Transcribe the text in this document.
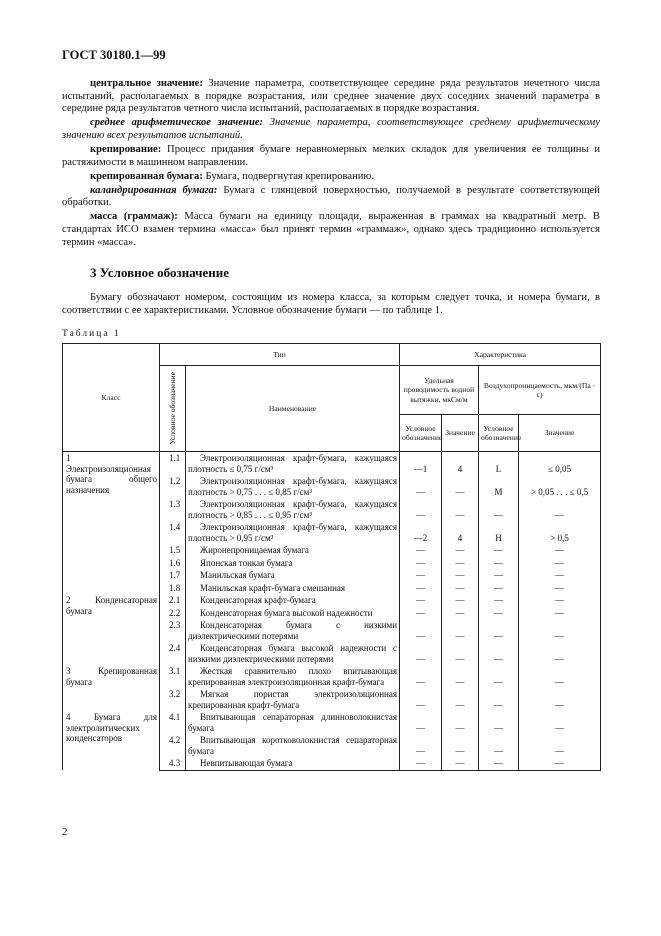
ГОСТ 30180.1—99

центральное значение: Значение параметра, соответствующее середине ряда результатов нечетного числа испытаний, располагаемых в порядке возрастания, или среднее значение двух соседних значений параметра в середине ряда результатов четного числа испытаний, располагаемых в порядке возрастания.

среднее арифметическое значение: Значение параметра, соответствующее среднему арифметическому значению всех результатов испытаний.

крепирование: Процесс придания бумаге неравномерных мелких складок для увеличения ее толщины и растяжимости в машинном направлении.

крепированная бумага: Бумага, подвергнутая крепированию.

каландрированная бумага: Бумага с глянцевой поверхностью, получаемой в результате соответствующей обработки.

масса (граммаж): Масса бумаги на единицу площади, выраженная в граммах на квадратный метр. В стандартах ИСО взамен термина «масса» был принят термин «граммаж», однако здесь традиционно используется термин «масса».

3 Условное обозначение

Бумагу обозначают номером, состоящим из номера класса, за которым следует точка, и номера бумаги, в соответствии с ее характеристиками. Условное обозначение бумаги — по таблице 1.

Таблица 1
Класс	Тип		Характеристика			

	Условное обозначение	Наименование	Удельная проводимость водной вытяжки, мкСм/м		Воздухопроницаемость, мкм/(Па · с)	
			Условное обозначение	Значение	Условное обозначение	Значение
1 Электроизоляционная бумага общего назначения	1.1	Электроизоляционная крафт-бумага, кажущаяся плотность ≤ 0,75 г/см³	—1	4	L	≤ 0,05
	1.2	Электроизоляционная крафт-бумага, кажущаяся плотность > 0,75 . . . ≤ 0,85 г/см³	—	—	M	> 0,05 . . . ≤ 0,5
	1.3	Электроизоляционная крафт-бумага, кажущаяся плотность > 0,85 . . . ≤ 0,95 г/см³	—	—	—	—
	1.4	Электроизоляционная крафт-бумага, кажущаяся плотность > 0,95 г/см³	—2	4	H	> 0,5
	1.5	Жиронепроницаемая бумага	—	—	—	—
	1.6	Японская тонкая бумага	—	—	—	—
	1.7	Манильская бумага	—	—	—	—
	1.8	Манильская крафт-бумага смешанная	—	—	—	—
2 Конденсаторная бумага	2.1	Конденсаторная крафт-бумага	—	—	—	—
	2.2	Конденсаторная бумага высокой надежности	—	—	—	—
	2.3	Конденсаторная бумага с низкими диэлектрическими потерями	—	—	—	—
	2.4	Конденсаторная бумага высокой надежности с низкими диэлектрическими потерями	—	—	—	—
3 Крепированная бумага	3.1	Жесткая сравнительно плохо впитывающая крепированная электроизоляционная крафт-бумага	—	—	—	—
	3.2	Мягкая пористая электроизоляционная крепированная крафт-бумага	—	—	—	—
4 Бумага для электролитических конденсаторов	4.1	Впитывающая сепараторная длинноволокнистая бумага	—	—	—	—
	4.2	Впитывающая коротковолокнистая сепараторная бумага	—	—	—	—
	4.3	Невпитывающая бумага	—	—	—	—
2
